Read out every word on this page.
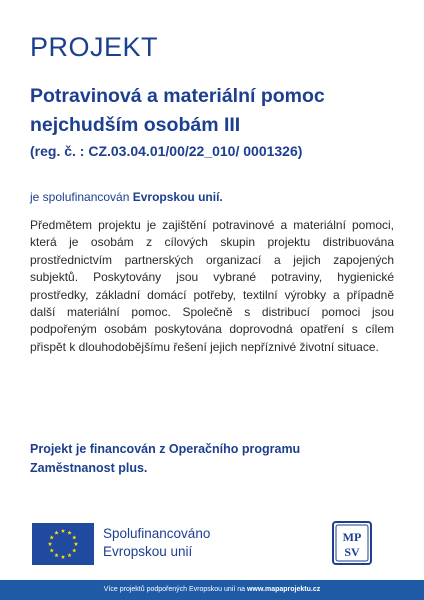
PROJEKT
Potravinová a materiální pomoc
nejchudším osobám III
(reg. č. : CZ.03.04.01/00/22_010/ 0001326)
je spolufinancován Evropskou unií.

Předmětem projektu je zajištění potravinové a materiální pomoci, která je osobám z cílových skupin projektu distribuována prostřednictvím partnerských organizací a jejich zapojených subjektů. Poskytovány jsou vybrané potraviny, hygienické prostředky, základní domácí potřeby, textilní výrobky a případně další materiální pomoc. Společně s distribucí pomoci jsou podpořeným osobám poskytována doprovodná opatření s cílem přispět k dlouhodobějšímu řešení jejich nepříznivé životní situace.

Projekt je financován z Operačního programu
Zaměstnanost plus.
Spolufinancováno
Evropskou unií
MP
SV
Více projektů podpořených Evropskou unií na www.mapaprojektu.cz
